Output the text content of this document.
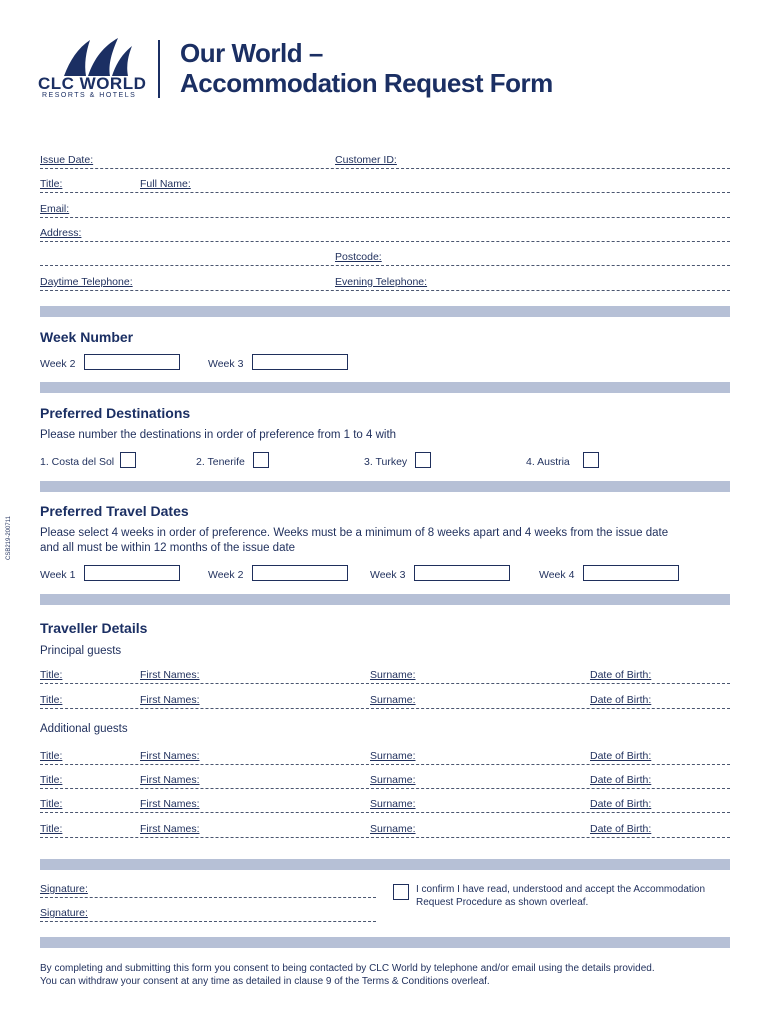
CLC WORLD
RESORTS & HOTELS
Our World –
Accommodation Request Form
CSB219-200711
Issue Date:	Customer ID:
Title:	Full Name:
Email:
Address:
Postcode:
Daytime Telephone:	Evening Telephone:
Week Number
Week 2	Week 3
Preferred Destinations
Please number the destinations in order of preference from 1 to 4 with
1. Costa del Sol	2. Tenerife	3. Turkey	4. Austria
Preferred Travel Dates
Please select 4 weeks in order of preference. Weeks must be a minimum of 8 weeks apart and 4 weeks from the issue date
and all must be within 12 months of the issue date
Week 1	Week 2	Week 3	Week 4
Traveller Details
Principal guests
Title:	First Names:	Surname:	Date of Birth:
Title:	First Names:	Surname:	Date of Birth:
Title:	First Names:	Surname:	Date of Birth:
Title:	First Names:	Surname:	Date of Birth:
Title:	First Names:	Surname:	Date of Birth:
Title:	First Names:	Surname:	Date of Birth:
Additional guests
Signature:
Signature:
I confirm I have read, understood and accept the Accommodation
Request Procedure as shown overleaf.
By completing and submitting this form you consent to being contacted by CLC World by telephone and/or email using the details provided.
You can withdraw your consent at any time as detailed in clause 9 of the Terms & Conditions overleaf.
